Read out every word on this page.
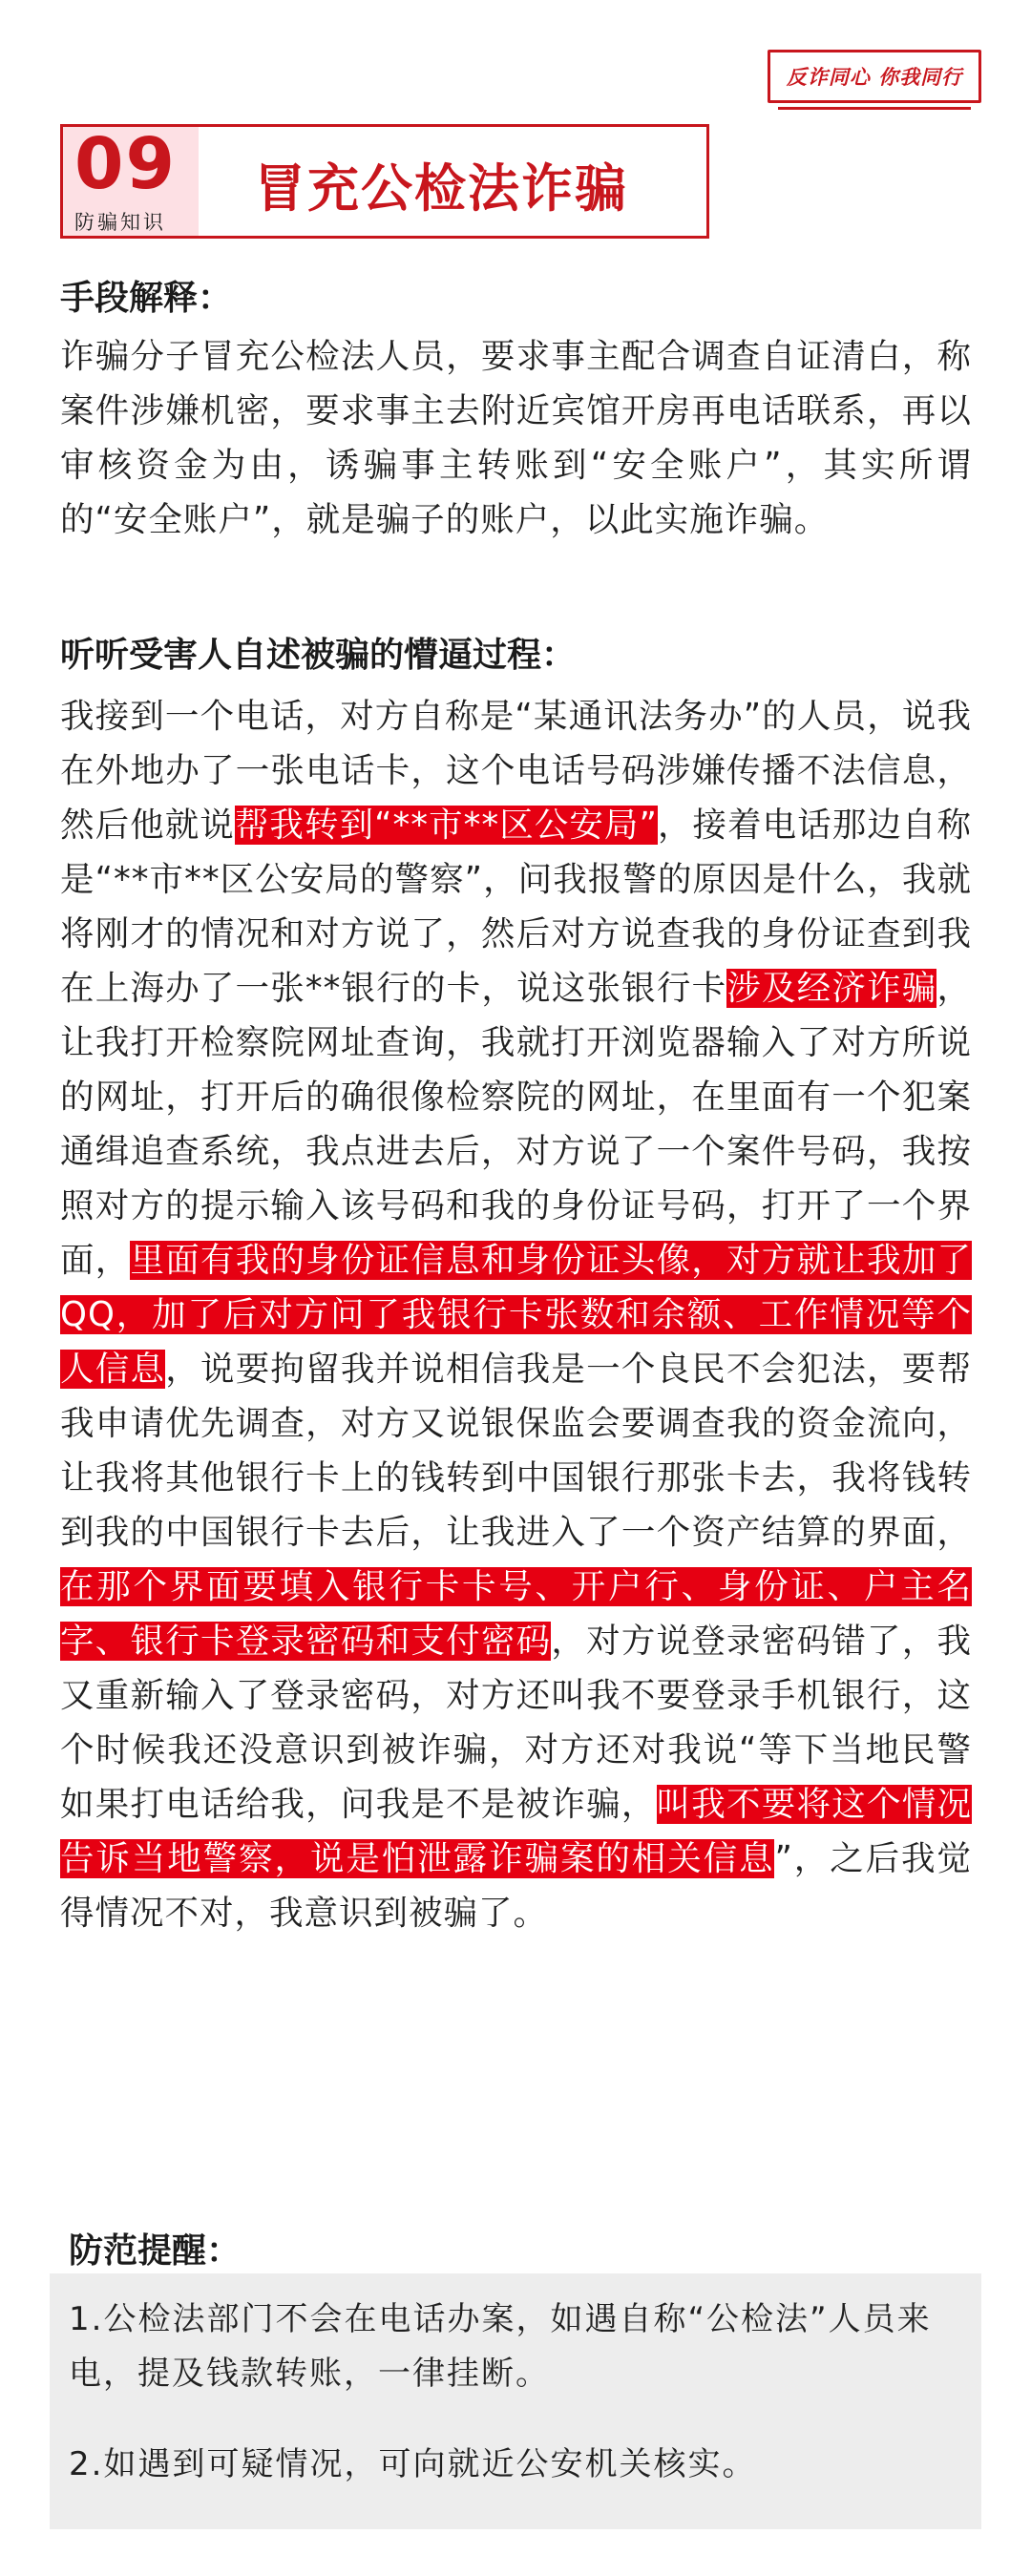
反诈同心 你我同行
09
防骗知识
冒充公检法诈骗
手段解释：
诈骗分子冒充公检法人员，要求事主配合调查自证清白，称案件涉嫌机密，要求事主去附近宾馆开房再电话联系，再以审核资金为由，诱骗事主转账到“安全账户”，其实所谓的“安全账户”，就是骗子的账户，以此实施诈骗。
听听受害人自述被骗的懵逼过程：
我接到一个电话，对方自称是“某通讯法务办”的人员，说我在外地办了一张电话卡，这个电话号码涉嫌传播不法信息，然后他就说帮我转到“**市**区公安局”，接着电话那边自称是“**市**区公安局的警察”，问我报警的原因是什么，我就将刚才的情况和对方说了，然后对方说查我的身份证查到我在上海办了一张**银行的卡，说这张银行卡涉及经济诈骗，让我打开检察院网址查询，我就打开浏览器输入了对方所说的网址，打开后的确很像检察院的网址，在里面有一个犯案通缉追查系统，我点进去后，对方说了一个案件号码，我按照对方的提示输入该号码和我的身份证号码，打开了一个界面，里面有我的身份证信息和身份证头像，对方就让我加了QQ，加了后对方问了我银行卡张数和余额、工作情况等个人信息，说要拘留我并说相信我是一个良民不会犯法，要帮我申请优先调查，对方又说银保监会要调查我的资金流向，让我将其他银行卡上的钱转到中国银行那张卡去，我将钱转到我的中国银行卡去后，让我进入了一个资产结算的界面，在那个界面要填入银行卡卡号、开户行、身份证、户主名字、银行卡登录密码和支付密码，对方说登录密码错了，我又重新输入了登录密码，对方还叫我不要登录手机银行，这个时候我还没意识到被诈骗，对方还对我说“等下当地民警如果打电话给我，问我是不是被诈骗，叫我不要将这个情况告诉当地警察，说是怕泄露诈骗案的相关信息”，之后我觉得情况不对，我意识到被骗了。
防范提醒：
1.公检法部门不会在电话办案，如遇自称“公检法”人员来电，提及钱款转账，一律挂断。
2.如遇到可疑情况，可向就近公安机关核实。
